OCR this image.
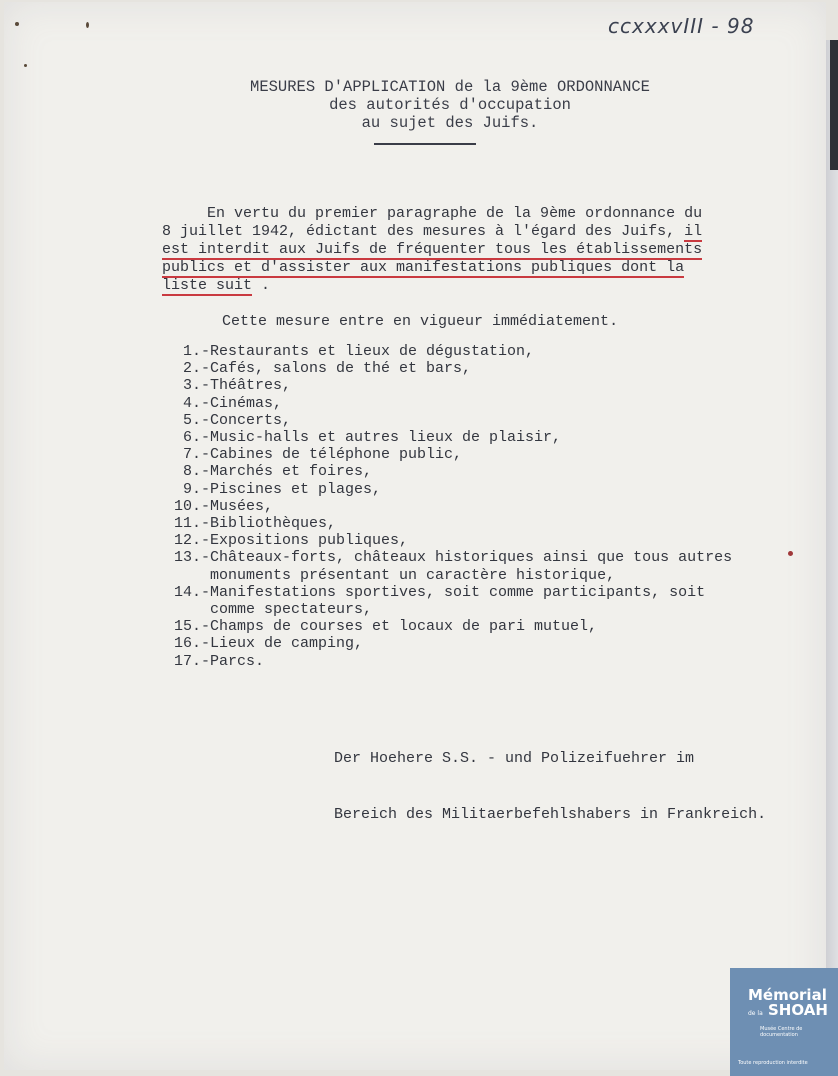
ccxxxvIII - 98
MESURES D'APPLICATION de la 9ème ORDONNANCE
des autorités d'occupation
au sujet des Juifs.
En vertu du premier paragraphe de la 9ème ordonnance du
8 juillet 1942, édictant des mesures à l'égard des Juifs, il
est interdit aux Juifs de fréquenter tous les établissements
publics et d'assister aux manifestations publiques dont la
liste suit .
Cette mesure entre en vigueur immédiatement.
1.- Restaurants et lieux de dégustation,
2.- Cafés, salons de thé et bars,
3.- Théâtres,
4.- Cinémas,
5.- Concerts,
6.- Music-halls et autres lieux de plaisir,
7.- Cabines de téléphone public,
8.- Marchés et foires,
9.- Piscines et plages,
10.- Musées,
11.- Bibliothèques,
12.- Expositions publiques,
13.- Châteaux-forts, châteaux historiques ainsi que tous autres
monuments présentant un caractère historique,
14.- Manifestations sportives, soit comme participants, soit
comme spectateurs,
15.- Champs de courses et locaux de pari mutuel,
16.- Lieux de camping,
17.- Parcs.

Der Hoehere S.S. - und Polizeifuehrer im

Bereich des Militaerbefehlshabers in Frankreich.

Mémorial
de la SHOAH
Musée Centre de documentation
Toute reproduction interdite
